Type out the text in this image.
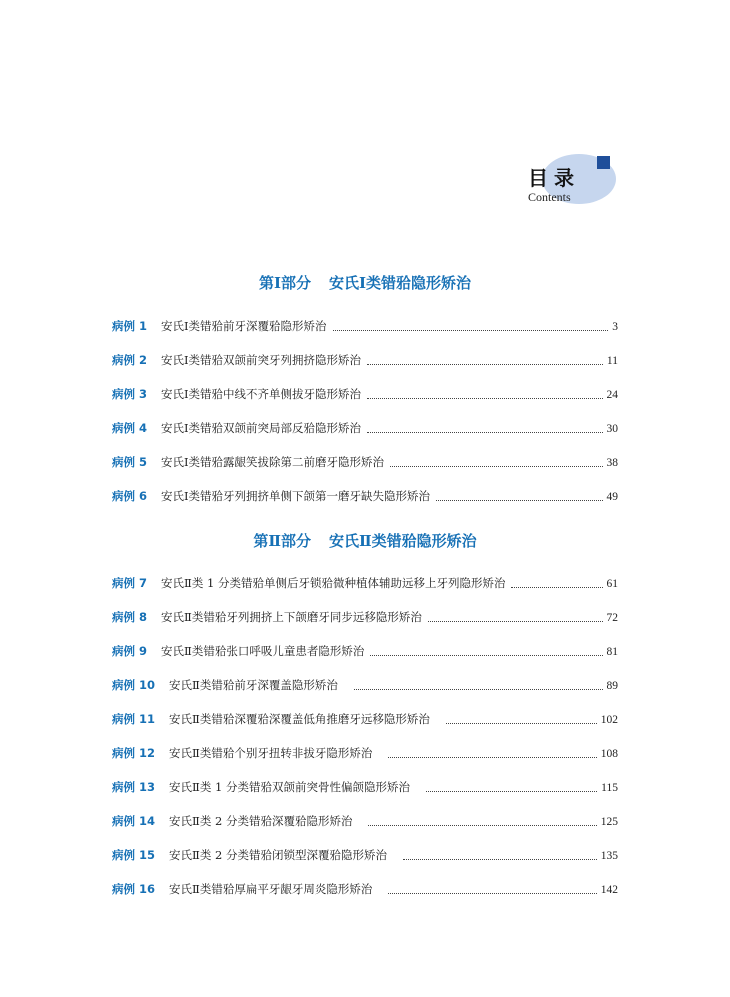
目录
Contents
第Ⅰ部分 安氏Ⅰ类错𬌗隐形矫治
病例 1 安氏Ⅰ类错𬌗前牙深覆𬌗隐形矫治	3
病例 2 安氏Ⅰ类错𬌗双颌前突牙列拥挤隐形矫治	11
病例 3 安氏Ⅰ类错𬌗中线不齐单侧拔牙隐形矫治	24
病例 4 安氏Ⅰ类错𬌗双颌前突局部反𬌗隐形矫治	30
病例 5 安氏Ⅰ类错𬌗露龈笑拔除第二前磨牙隐形矫治	38
病例 6 安氏Ⅰ类错𬌗牙列拥挤单侧下颌第一磨牙缺失隐形矫治	49
第Ⅱ部分 安氏Ⅱ类错𬌗隐形矫治
病例 7 安氏Ⅱ类 1 分类错𬌗单侧后牙锁𬌗微种植体辅助远移上牙列隐形矫治	61
病例 8 安氏Ⅱ类错𬌗牙列拥挤上下颌磨牙同步远移隐形矫治	72
病例 9 安氏Ⅱ类错𬌗张口呼吸儿童患者隐形矫治	81
病例 10 安氏Ⅱ类错𬌗前牙深覆盖隐形矫治	89
病例 11 安氏Ⅱ类错𬌗深覆𬌗深覆盖低角推磨牙远移隐形矫治	102
病例 12 安氏Ⅱ类错𬌗个别牙扭转非拔牙隐形矫治	108
病例 13 安氏Ⅱ类 1 分类错𬌗双颌前突骨性偏颌隐形矫治	115
病例 14 安氏Ⅱ类 2 分类错𬌗深覆𬌗隐形矫治	125
病例 15 安氏Ⅱ类 2 分类错𬌗闭锁型深覆𬌗隐形矫治	135
病例 16 安氏Ⅱ类错𬌗厚扁平牙龈牙周炎隐形矫治	142
